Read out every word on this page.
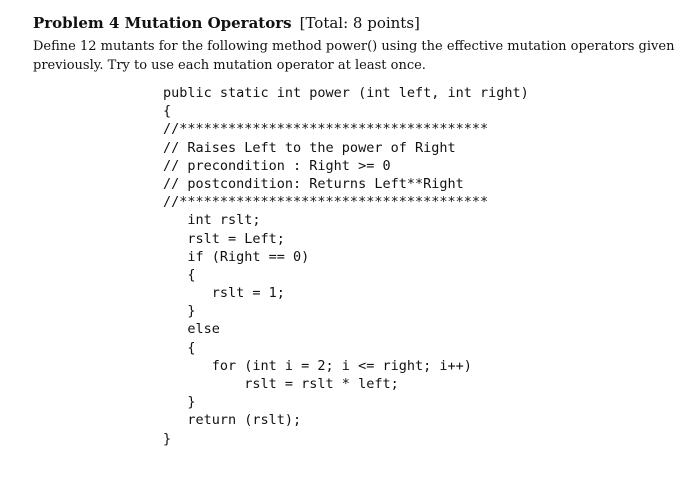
Problem 4 Mutation Operators [Total: 8 points]
Define 12 mutants for the following method power() using the effective mutation operators given
previously. Try to use each mutation operator at least once.
public static int power (int left, int right)
{
//**************************************
// Raises Left to the power of Right
// precondition : Right >= 0
// postcondition: Returns Left**Right
//**************************************
int rslt;
rslt = Left;
if (Right == 0)
{
rslt = 1;
}
else
{
for (int i = 2; i <= right; i++)
rslt = rslt * left;
}
return (rslt);
}
